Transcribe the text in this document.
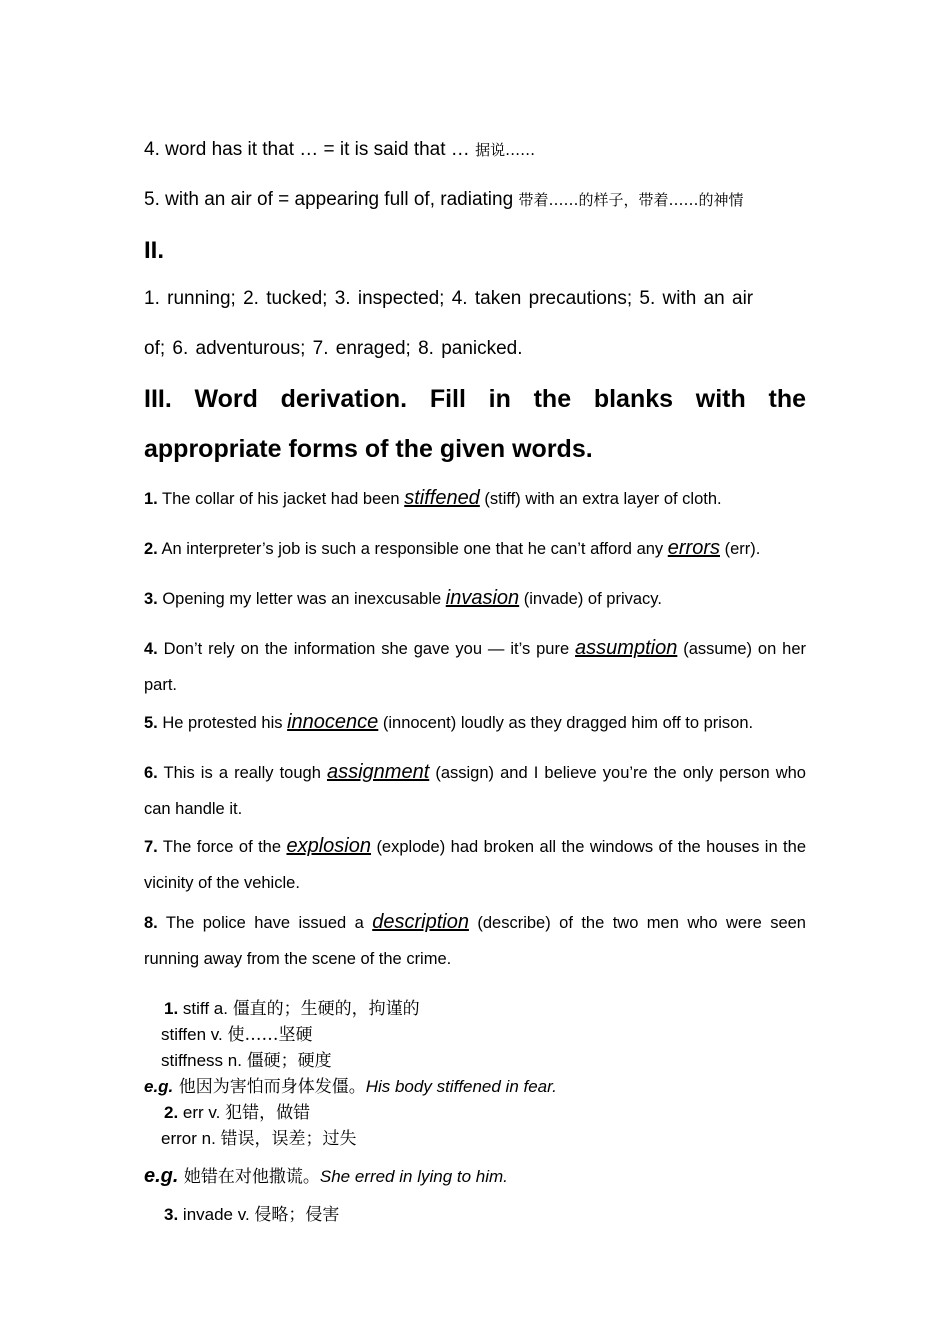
4. word has it that … = it is said that … 据说……

5. with an air of = appearing full of, radiating 带着……的样子，带着……的神情

II.

1. running; 2. tucked; 3. inspected; 4. taken precautions; 5. with an air
of; 6. adventurous; 7. enraged; 8. panicked.

III. Word derivation. Fill in the blanks with the appropriate forms of the given words.

1. The collar of his jacket had been stiffened (stiff) with an extra layer of cloth.

2. An interpreter’s job is such a responsible one that he can’t afford any errors (err).

3. Opening my letter was an inexcusable invasion (invade) of privacy.

4. Don’t rely on the information she gave you — it’s pure assumption (assume) on her part.

5. He protested his innocence (innocent) loudly as they dragged him off to prison.

6. This is a really tough assignment (assign) and I believe you’re the only person who can handle it.

7. The force of the explosion (explode) had broken all the windows of the houses in the vicinity of the vehicle.

8. The police have issued a description (describe) of the two men who were seen running away from the scene of the crime.

1. stiff a. 僵直的；生硬的，拘谨的
stiffen v. 使……坚硬
stiffness n. 僵硬；硬度
e.g. 他因为害怕而身体发僵。His body stiffened in fear.
2. err v. 犯错，做错
error n. 错误，误差；过失
e.g. 她错在对他撒谎。She erred in lying to him.
3. invade v. 侵略；侵害
